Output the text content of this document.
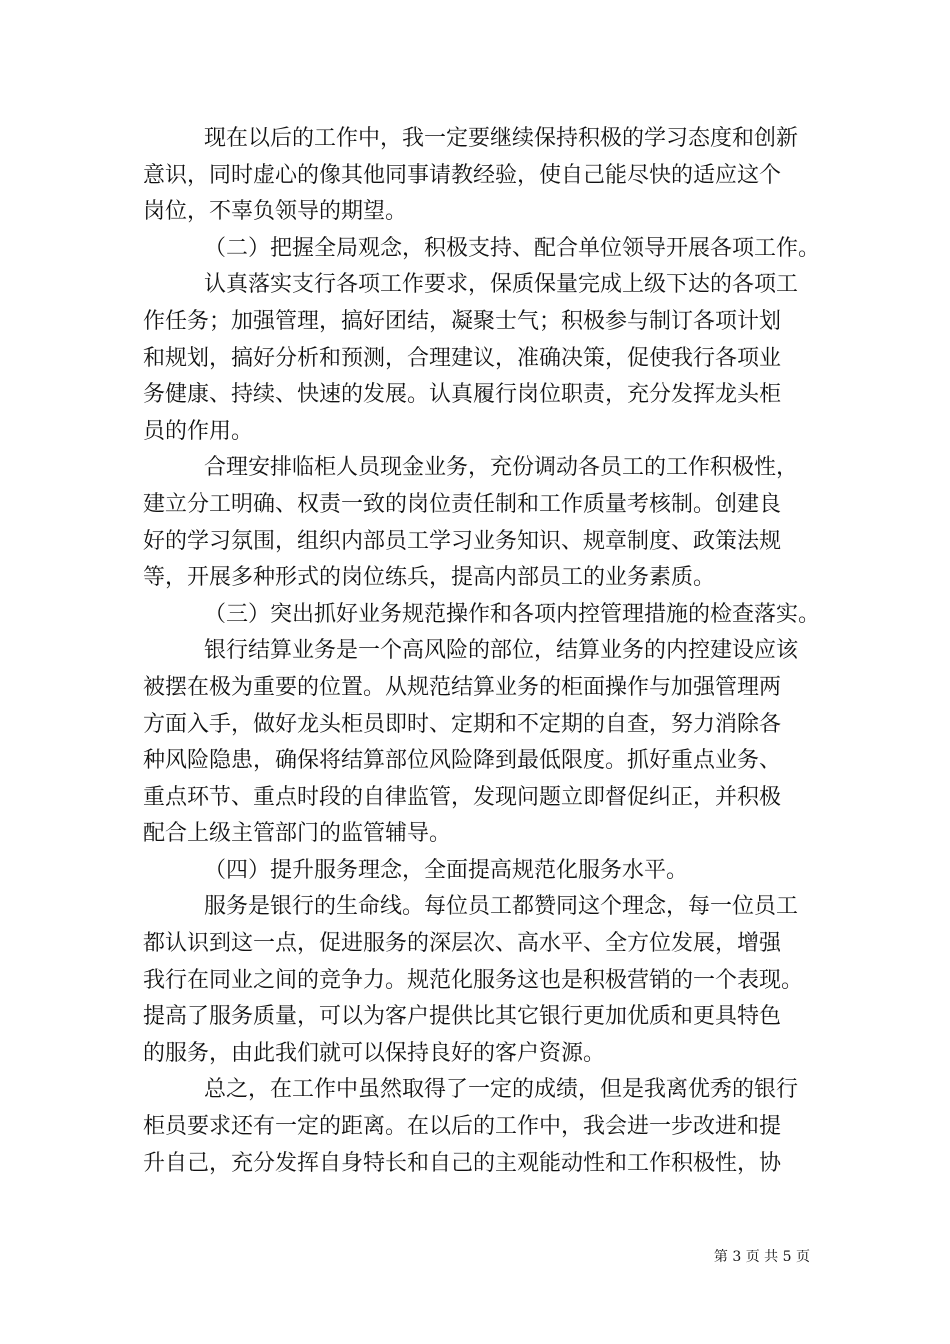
现在以后的工作中，我一定要继续保持积极的学习态度和创新
意识，同时虚心的像其他同事请教经验，使自己能尽快的适应这个
岗位，不辜负领导的期望。
（二）把握全局观念，积极支持、配合单位领导开展各项工作。
认真落实支行各项工作要求，保质保量完成上级下达的各项工
作任务；加强管理，搞好团结，凝聚士气；积极参与制订各项计划
和规划，搞好分析和预测，合理建议，准确决策，促使我行各项业
务健康、持续、快速的发展。认真履行岗位职责，充分发挥龙头柜
员的作用。
合理安排临柜人员现金业务，充份调动各员工的工作积极性，
建立分工明确、权责一致的岗位责任制和工作质量考核制。创建良
好的学习氛围，组织内部员工学习业务知识、规章制度、政策法规
等，开展多种形式的岗位练兵，提高内部员工的业务素质。
（三）突出抓好业务规范操作和各项内控管理措施的检查落实。
银行结算业务是一个高风险的部位，结算业务的内控建设应该
被摆在极为重要的位置。从规范结算业务的柜面操作与加强管理两
方面入手，做好龙头柜员即时、定期和不定期的自查，努力消除各
种风险隐患，确保将结算部位风险降到最低限度。抓好重点业务、
重点环节、重点时段的自律监管，发现问题立即督促纠正，并积极
配合上级主管部门的监管辅导。
（四）提升服务理念，全面提高规范化服务水平。
服务是银行的生命线。每位员工都赞同这个理念，每一位员工
都认识到这一点，促进服务的深层次、高水平、全方位发展，增强
我行在同业之间的竞争力。规范化服务这也是积极营销的一个表现。
提高了服务质量，可以为客户提供比其它银行更加优质和更具特色
的服务，由此我们就可以保持良好的客户资源。
总之，在工作中虽然取得了一定的成绩，但是我离优秀的银行
柜员要求还有一定的距离。在以后的工作中，我会进一步改进和提
升自己，充分发挥自身特长和自己的主观能动性和工作积极性，协
第 3 页 共 5 页
